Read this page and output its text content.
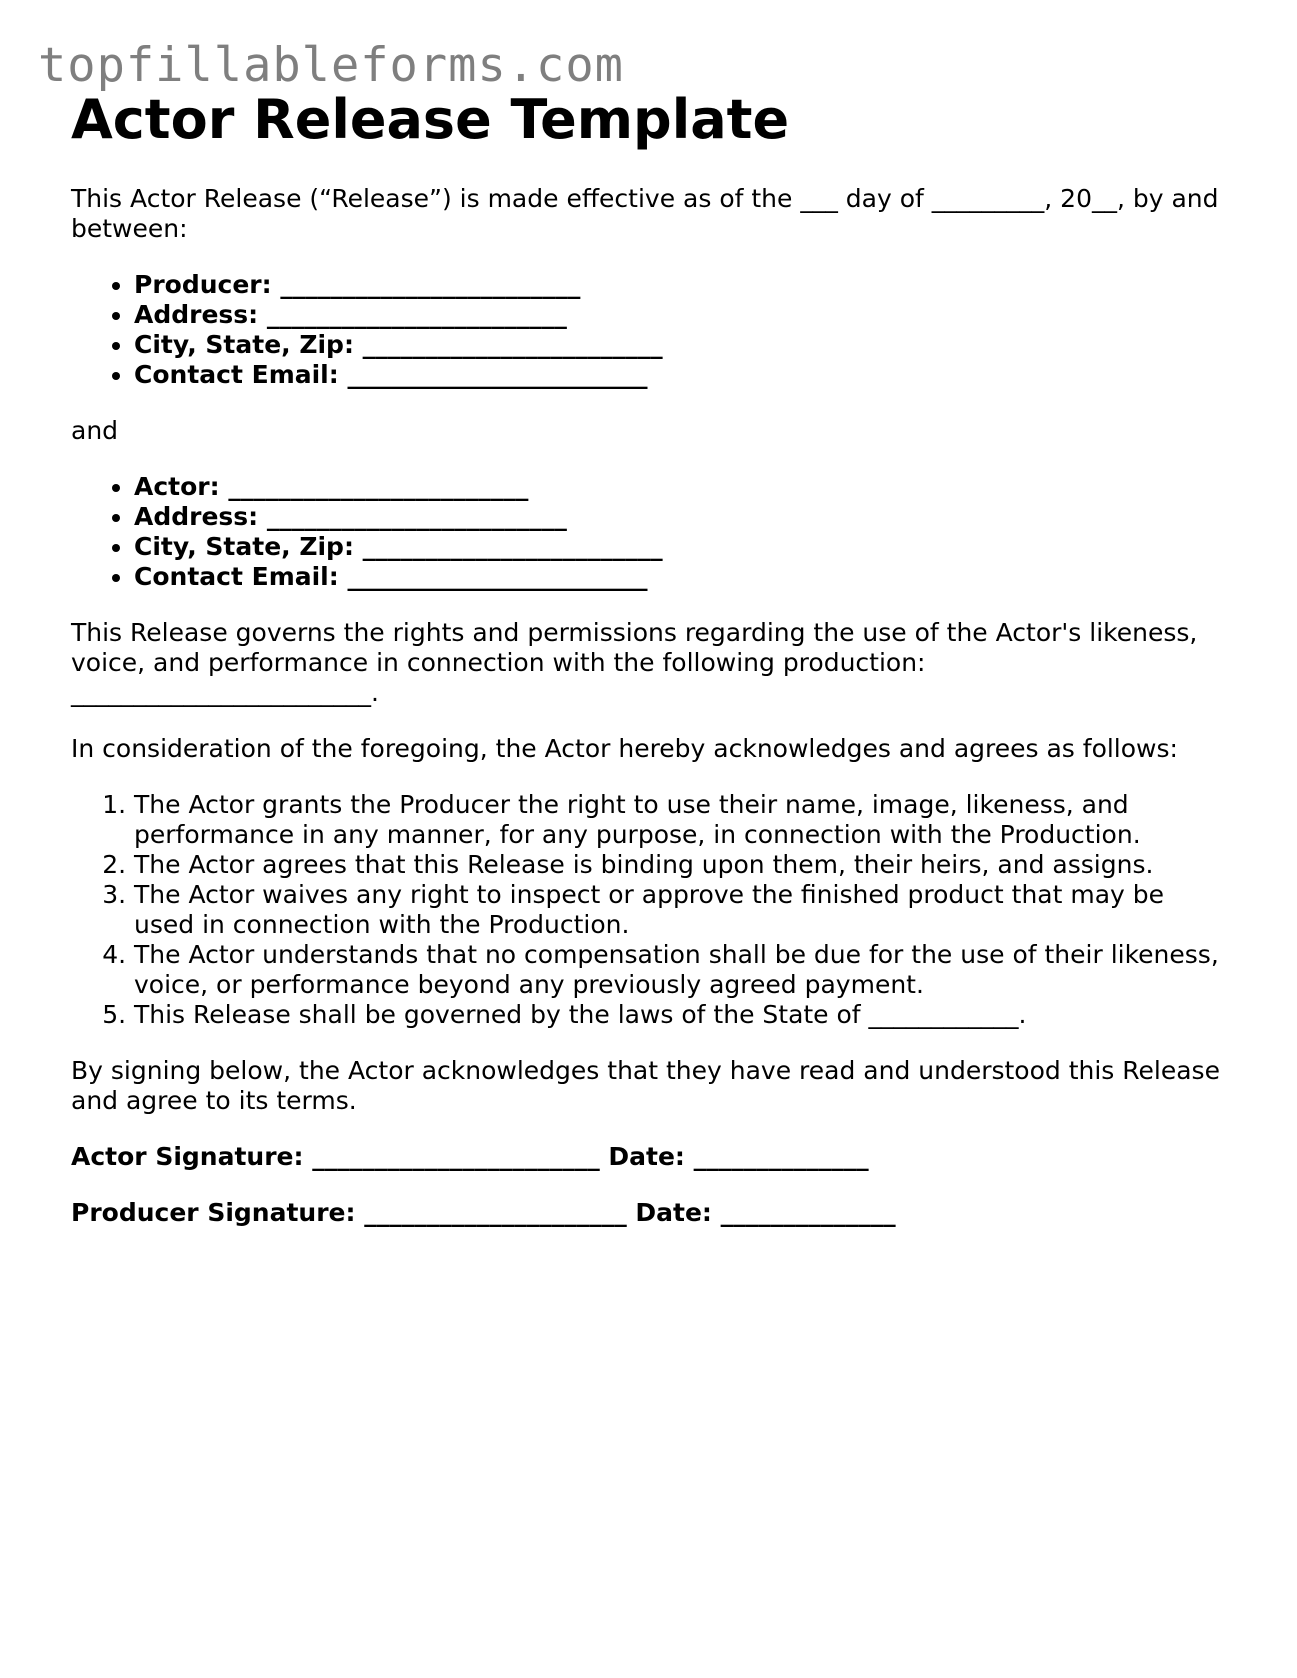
topfillableforms.com
Actor Release Template

This Actor Release (“Release”) is made effective as of the ___ day of _________, 20__, by and between:

• Producer: ________________________
• Address: ________________________
• City, State, Zip: ________________________
• Contact Email: ________________________

and

• Actor: ________________________
• Address: ________________________
• City, State, Zip: ________________________
• Contact Email: ________________________

This Release governs the rights and permissions regarding the use of the Actor's likeness, voice, and performance in connection with the following production: ________________________.

In consideration of the foregoing, the Actor hereby acknowledges and agrees as follows:

1. The Actor grants the Producer the right to use their name, image, likeness, and performance in any manner, for any purpose, in connection with the Production.
2. The Actor agrees that this Release is binding upon them, their heirs, and assigns.
3. The Actor waives any right to inspect or approve the finished product that may be used in connection with the Production.
4. The Actor understands that no compensation shall be due for the use of their likeness, voice, or performance beyond any previously agreed payment.
5. This Release shall be governed by the laws of the State of ____________.

By signing below, the Actor acknowledges that they have read and understood this Release and agree to its terms.

Actor Signature: _______________________ Date: ______________
Producer Signature: _____________________ Date: ______________
